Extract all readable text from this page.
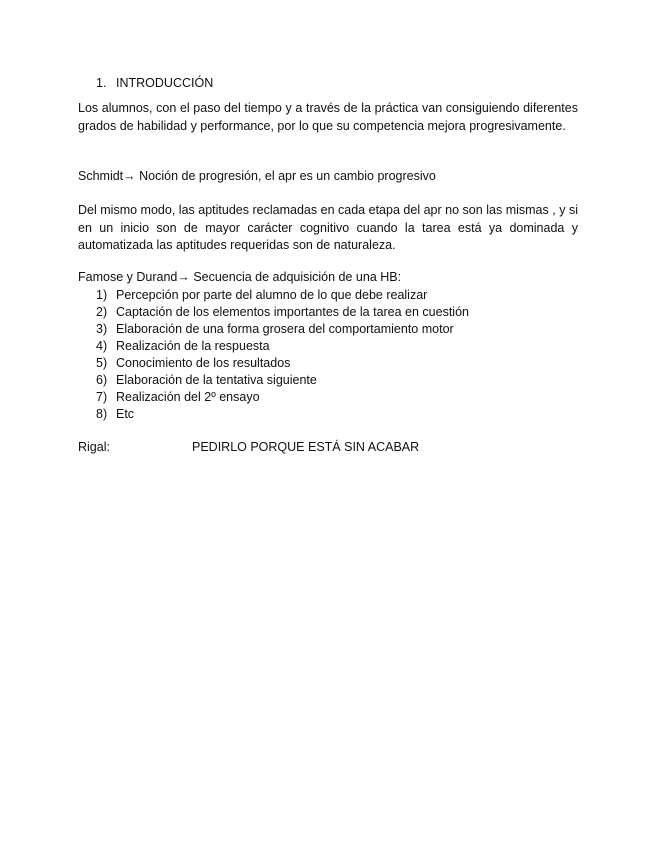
1. INTRODUCCIÓN
Los alumnos, con el paso del tiempo y a través de la práctica van consiguiendo diferentes grados de habilidad y performance, por lo que su competencia mejora progresivamente.
Schmidt→ Noción de progresión, el apr es un cambio progresivo
Del mismo modo, las aptitudes reclamadas en cada etapa del apr no son las mismas , y si en un inicio son de mayor carácter cognitivo cuando la tarea está ya dominada y automatizada las aptitudes requeridas son de naturaleza.
Famose y Durand→ Secuencia de adquisición de una HB:
1) Percepción por parte del alumno de lo que debe realizar
2) Captación de los elementos importantes de la tarea en cuestión
3) Elaboración de una forma grosera del comportamiento motor
4) Realización de la respuesta
5) Conocimiento de los resultados
6) Elaboración de la tentativa siguiente
7) Realización del 2º ensayo
8) Etc
Rigal:	PEDIRLO PORQUE ESTÁ SIN ACABAR
